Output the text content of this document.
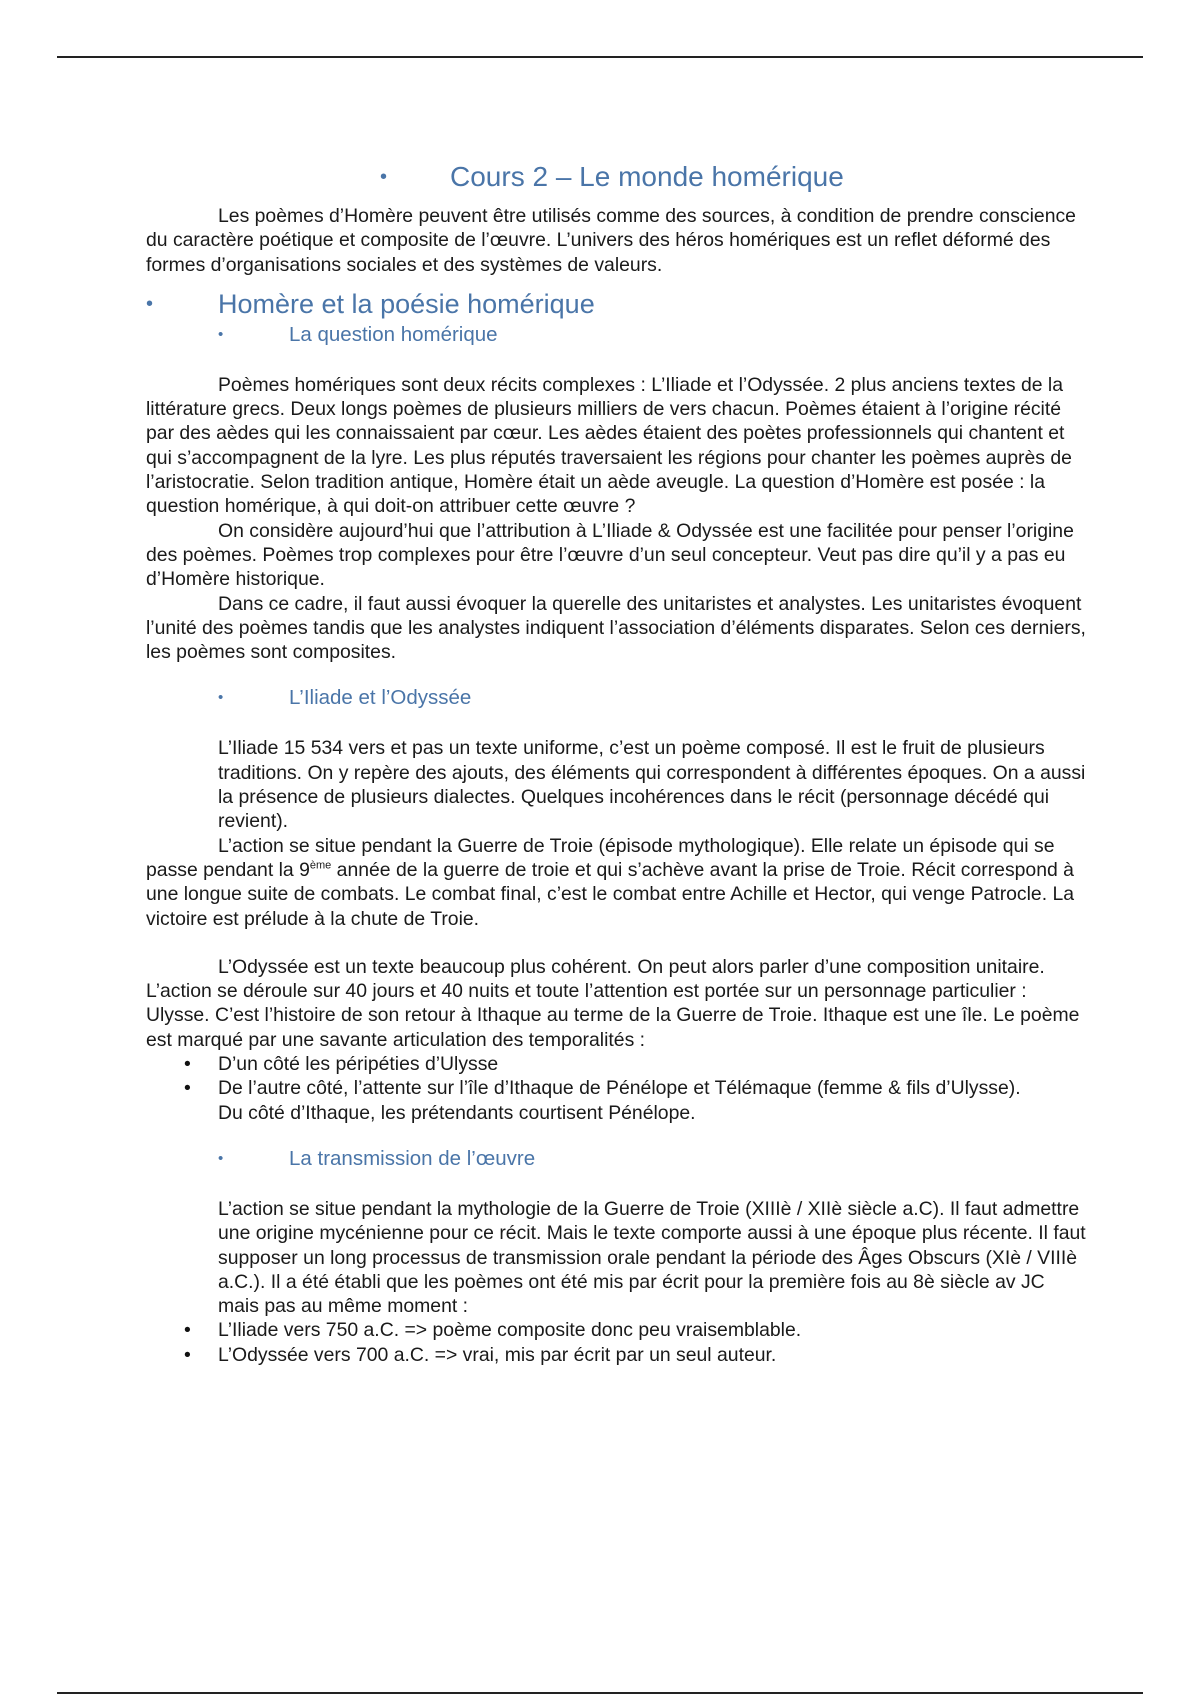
• Cours 2 – Le monde homérique

Les poèmes d’Homère peuvent être utilisés comme des sources, à condition de prendre conscience du caractère poétique et composite de l’œuvre. L’univers des héros homériques est un reflet déformé des formes d’organisations sociales et des systèmes de valeurs.

• Homère et la poésie homérique
•	La question homérique

Poèmes homériques sont deux récits complexes : L’Iliade et l’Odyssée. 2 plus anciens textes de la littérature grecs. Deux longs poèmes de plusieurs milliers de vers chacun. Poèmes étaient à l’origine récité par des aèdes qui les connaissaient par cœur. Les aèdes étaient des poètes professionnels qui chantent et qui s’accompagnent de la lyre. Les plus réputés traversaient les régions pour chanter les poèmes auprès de l’aristocratie. Selon tradition antique, Homère était un aède aveugle. La question d’Homère est posée : la question homérique, à qui doit-on attribuer cette œuvre ?

On considère aujourd’hui que l’attribution à L’Iliade & Odyssée est une facilitée pour penser l’origine des poèmes. Poèmes trop complexes pour être l’œuvre d’un seul concepteur. Veut pas dire qu’il y a pas eu d’Homère historique.

Dans ce cadre, il faut aussi évoquer la querelle des unitaristes et analystes. Les unitaristes évoquent l’unité des poèmes tandis que les analystes indiquent l’association d’éléments disparates. Selon ces derniers, les poèmes sont composites.

•	L’Iliade et l’Odyssée

L’Iliade 15 534 vers et pas un texte uniforme, c’est un poème composé. Il est le fruit de plusieurs traditions. On y repère des ajouts, des éléments qui correspondent à différentes époques. On a aussi la présence de plusieurs dialectes. Quelques incohérences dans le récit (personnage décédé qui revient).

L’action se situe pendant la Guerre de Troie (épisode mythologique). Elle relate un épisode qui se passe pendant la 9ème année de la guerre de troie et qui s’achève avant la prise de Troie. Récit correspond à une longue suite de combats. Le combat final, c’est le combat entre Achille et Hector, qui venge Patrocle. La victoire est prélude à la chute de Troie.

L’Odyssée est un texte beaucoup plus cohérent. On peut alors parler d’une composition unitaire. L’action se déroule sur 40 jours et 40 nuits et toute l’attention est portée sur un personnage particulier : Ulysse. C’est l’histoire de son retour à Ithaque au terme de la Guerre de Troie. Ithaque est une île. Le poème est marqué par une savante articulation des temporalités :

• D’un côté les péripéties d’Ulysse
• De l’autre côté, l’attente sur l’île d’Ithaque de Pénélope et Télémaque (femme & fils d’Ulysse).

Du côté d’Ithaque, les prétendants courtisent Pénélope.

•	La transmission de l’œuvre

L’action se situe pendant la mythologie de la Guerre de Troie (XIIIè / XIIè siècle a.C). Il faut admettre une origine mycénienne pour ce récit. Mais le texte comporte aussi à une époque plus récente. Il faut supposer un long processus de transmission orale pendant la période des Âges Obscurs (XIè / VIIIè a.C.). Il a été établi que les poèmes ont été mis par écrit pour la première fois au 8è siècle av JC mais pas au même moment :

• L’Iliade vers 750 a.C. => poème composite donc peu vraisemblable.
• L’Odyssée vers 700 a.C. => vrai, mis par écrit par un seul auteur.
